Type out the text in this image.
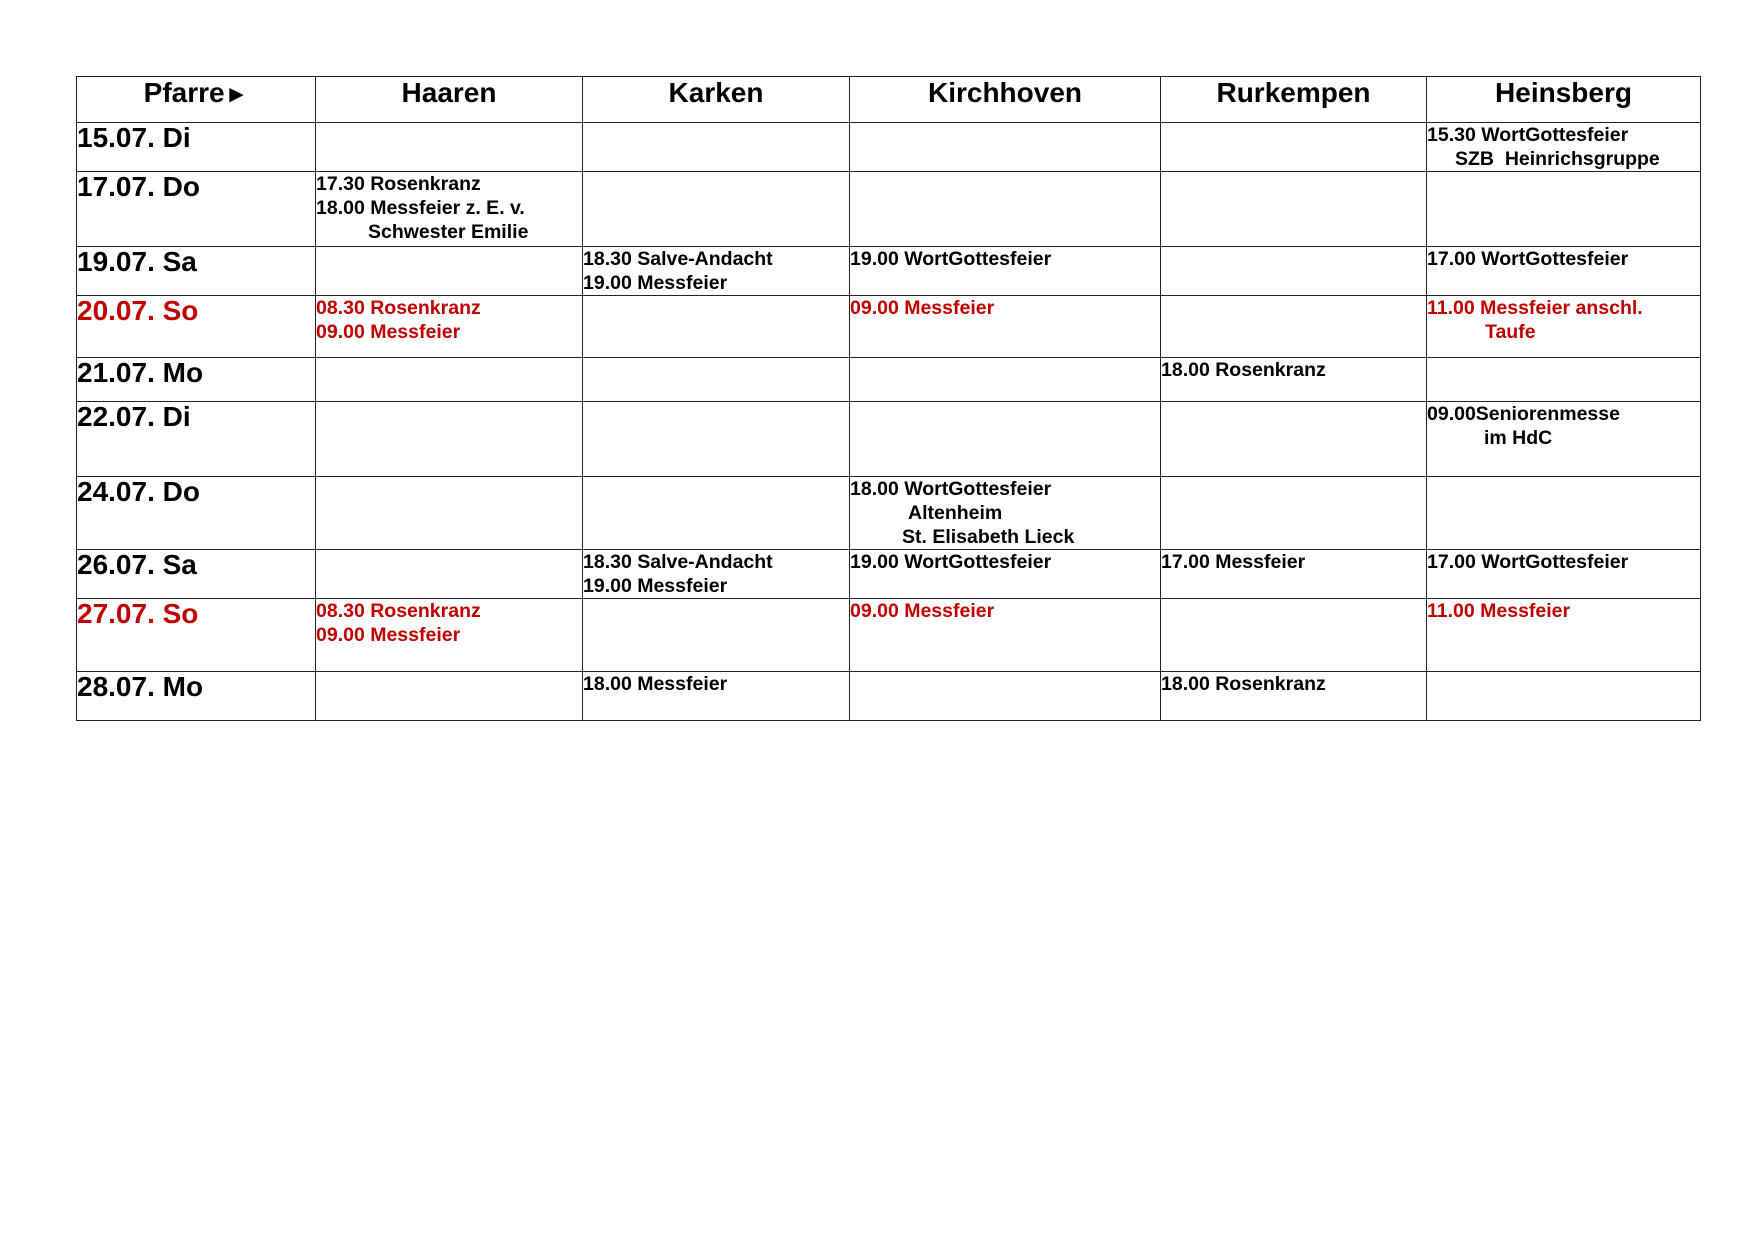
Pfarre►	Haaren	Karken	Kirchhoven	Rurkempen	Heinsberg
15.07. Di					15.30 WortGottesfeier
SZB  Heinrichsgruppe

17.07. Do	17.30 Rosenkranz
18.00 Messfeier z. E. v.
Schwester Emilie				

19.07. Sa		18.30 Salve-Andacht
19.00 Messfeier	19.00 WortGottesfeier		17.00 WortGottesfeier

20.07. So	08.30 Rosenkranz
09.00 Messfeier		09.00 Messfeier		11.00 Messfeier anschl.
Taufe

21.07. Mo				18.00 Rosenkranz	

22.07. Di					09.00Seniorenmesse
im HdC

24.07. Do			18.00 WortGottesfeier
Altenheim
St. Elisabeth Lieck		

26.07. Sa		18.30 Salve-Andacht
19.00 Messfeier	19.00 WortGottesfeier	17.00 Messfeier	17.00 WortGottesfeier

27.07. So	08.30 Rosenkranz
09.00 Messfeier		09.00 Messfeier		11.00 Messfeier

28.07. Mo		18.00 Messfeier		18.00 Rosenkranz	
